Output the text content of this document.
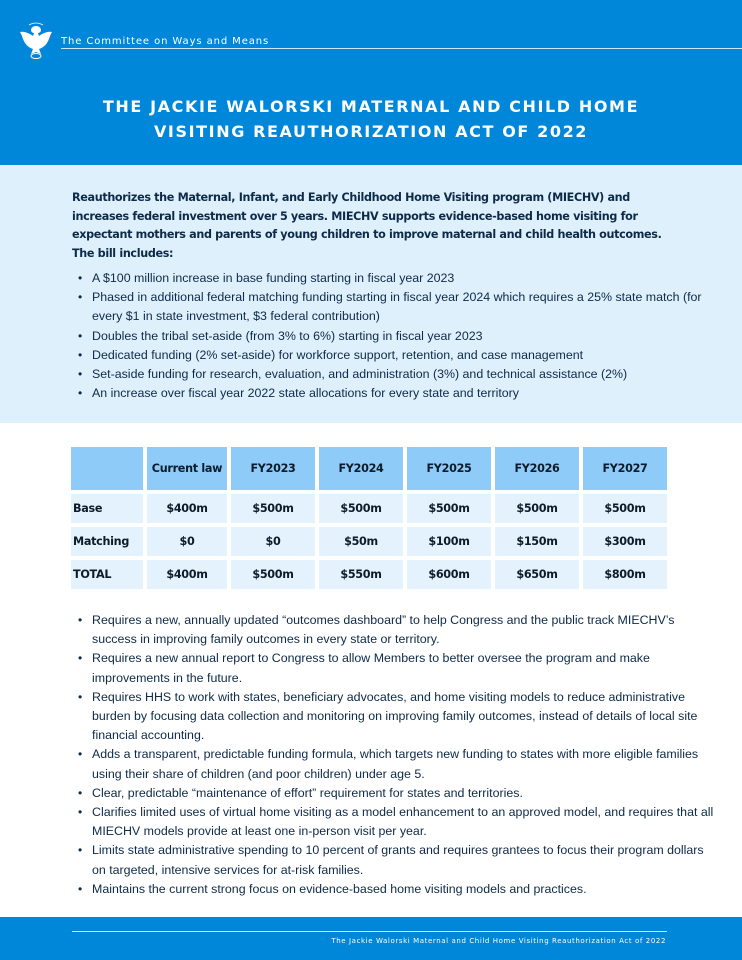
The Committee on Ways and Means
THE JACKIE WALORSKI MATERNAL AND CHILD HOME
VISITING REAUTHORIZATION ACT OF 2022

Reauthorizes the Maternal, Infant, and Early Childhood Home Visiting program (MIECHV) and increases federal investment over 5 years. MIECHV supports evidence-based home visiting for expectant mothers and parents of young children to improve maternal and child health outcomes. The bill includes:

• A $100 million increase in base funding starting in fiscal year 2023
• Phased in additional federal matching funding starting in fiscal year 2024 which requires a 25% state match (for every $1 in state investment, $3 federal contribution)
• Doubles the tribal set-aside (from 3% to 6%) starting in fiscal year 2023
• Dedicated funding (2% set-aside) for workforce support, retention, and case management
• Set-aside funding for research, evaluation, and administration (3%) and technical assistance (2%)
• An increase over fiscal year 2022 state allocations for every state and territory
	Current law	FY2023	FY2024	FY2025	FY2026	FY2027
Base	$400m	$500m	$500m	$500m	$500m	$500m
Matching	$0	$0	$50m	$100m	$150m	$300m
TOTAL	$400m	$500m	$550m	$600m	$650m	$800m
• Requires a new, annually updated “outcomes dashboard” to help Congress and the public track MIECHV’s success in improving family outcomes in every state or territory.
• Requires a new annual report to Congress to allow Members to better oversee the program and make improvements in the future.
• Requires HHS to work with states, beneficiary advocates, and home visiting models to reduce administrative burden by focusing data collection and monitoring on improving family outcomes, instead of details of local site financial accounting.
• Adds a transparent, predictable funding formula, which targets new funding to states with more eligible families using their share of children (and poor children) under age 5.
• Clear, predictable “maintenance of effort” requirement for states and territories.
• Clarifies limited uses of virtual home visiting as a model enhancement to an approved model, and requires that all MIECHV models provide at least one in-person visit per year.
• Limits state administrative spending to 10 percent of grants and requires grantees to focus their program dollars on targeted, intensive services for at-risk families.
• Maintains the current strong focus on evidence-based home visiting models and practices.
The Jackie Walorski Maternal and Child Home Visiting Reauthorization Act of 2022
